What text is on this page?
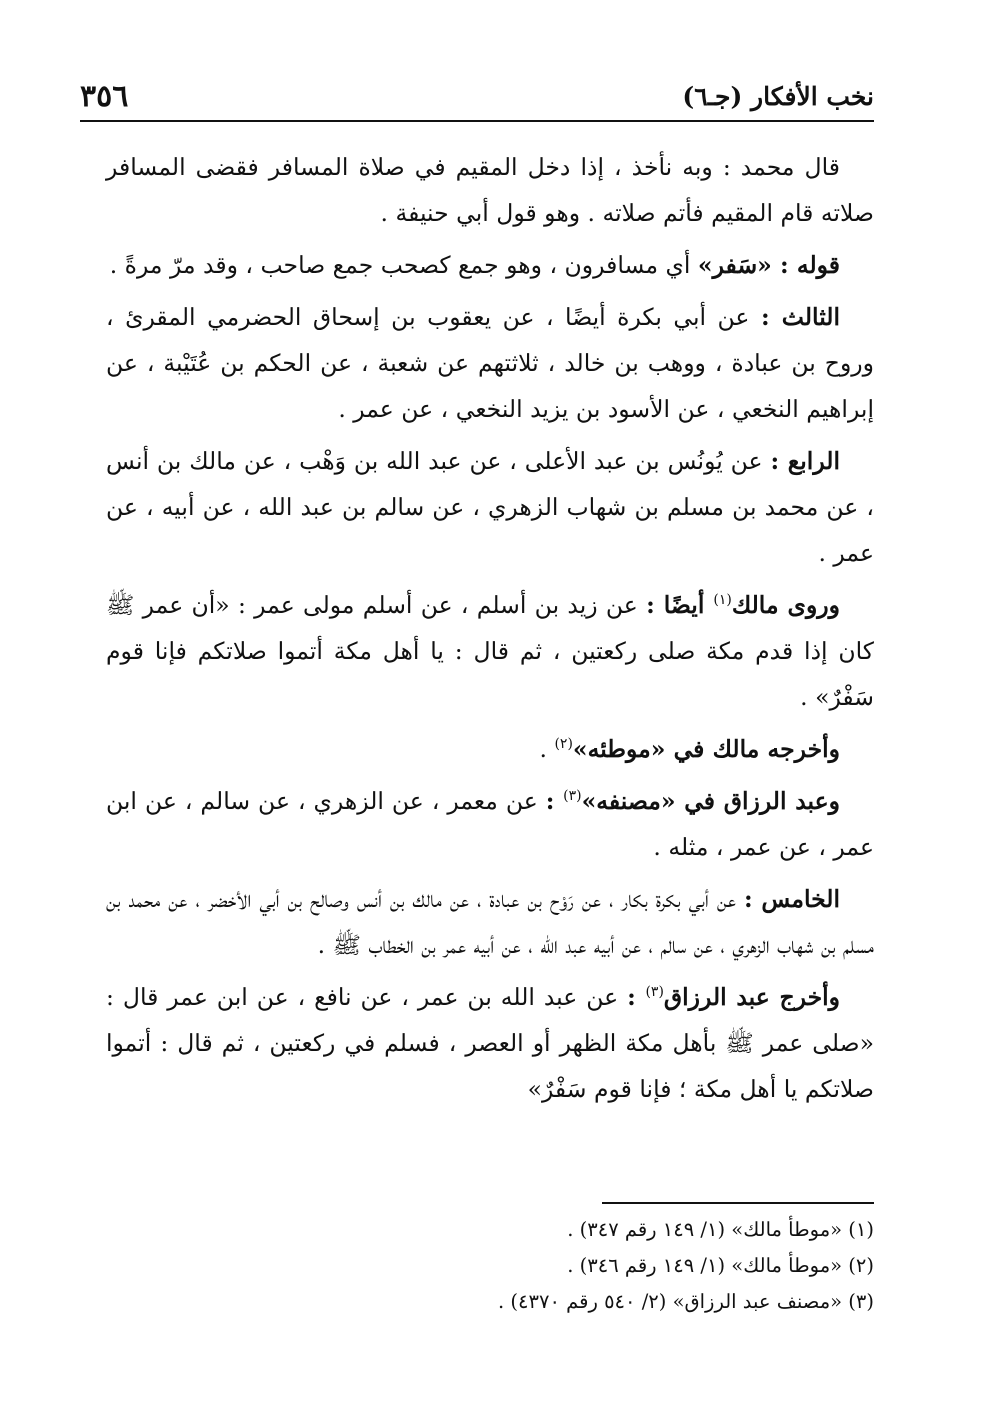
٣٥٦	نخب الأفكار (جـ٦)

قال محمد : وبه نأخذ ، إذا دخل المقيم في صلاة المسافر فقضى المسافر صلاته قام المقيم فأتم صلاته . وهو قول أبي حنيفة .

قوله : «سَفر» أي مسافرون ، وهو جمع كصحب جمع صاحب ، وقد مرّ مرةً .

الثالث : عن أبي بكرة أيضًا ، عن يعقوب بن إسحاق الحضرمي المقرئ ، وروح بن عبادة ، ووهب بن خالد ، ثلاثتهم عن شعبة ، عن الحكم بن عُتَيْبة ، عن إبراهيم النخعي ، عن الأسود بن يزيد النخعي ، عن عمر .

الرابع : عن يُونُس بن عبد الأعلى ، عن عبد الله بن وَهْب ، عن مالك بن أنس ، عن محمد بن مسلم بن شهاب الزهري ، عن سالم بن عبد الله ، عن أبيه ، عن عمر .

وروى مالك$^{(١)}$ أيضًا : عن زيد بن أسلم ، عن أسلم مولى عمر : «أن عمر ﷺ كان إذا قدم مكة صلى ركعتين ، ثم قال : يا أهل مكة أتموا صلاتكم فإنا قوم سَفْرٌ» .

وأخرجه مالك في «موطئه»$^{(٢)}$ .

وعبد الرزاق في «مصنفه»$^{(٣)}$ : عن معمر ، عن الزهري ، عن سالم ، عن ابن عمر ، عن عمر ، مثله .

الخامس : عن أبي بكرة بكار ، عن رَوْح بن عبادة ، عن مالك بن أنس وصالح بن أبي الأخضر ، عن محمد بن مسلم بن شهاب الزهري ، عن سالم ، عن أبيه عبد الله ، عن أبيه عمر بن الخطاب ﷺ .

وأخرج عبد الرزاق$^{(٣)}$ : عن عبد الله بن عمر ، عن نافع ، عن ابن عمر قال : «صلى عمر ﷺ بأهل مكة الظهر أو العصر ، فسلم في ركعتين ، ثم قال : أتموا صلاتكم يا أهل مكة ؛ فإنا قوم سَفْرٌ»

(١) «موطأ مالك» (١/ ١٤٩ رقم ٣٤٧) .
(٢) «موطأ مالك» (١/ ١٤٩ رقم ٣٤٦) .
(٣) «مصنف عبد الرزاق» (٢/ ٥٤٠ رقم ٤٣٧٠) .
